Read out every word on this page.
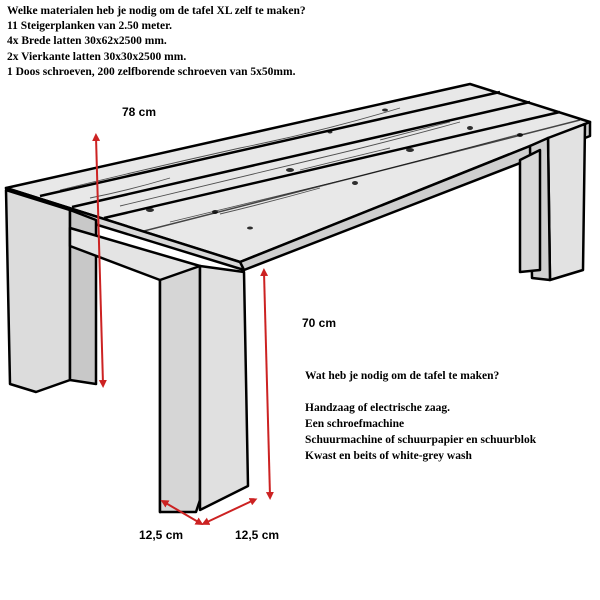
Welke materialen heb je nodig om de tafel XL zelf te maken?
11 Steigerplanken van 2.50 meter.
4x Brede latten 30x62x2500 mm.
2x Vierkante latten 30x30x2500 mm.
1 Doos schroeven, 200 zelfborende schroeven van 5x50mm.
78 cm
70 cm
12,5 cm	12,5 cm
Wat heb je nodig om de tafel te maken?
Handzaag of electrische zaag.
Een schroefmachine
Schuurmachine of schuurpapier en schuurblok
Kwast en beits of white-grey wash
